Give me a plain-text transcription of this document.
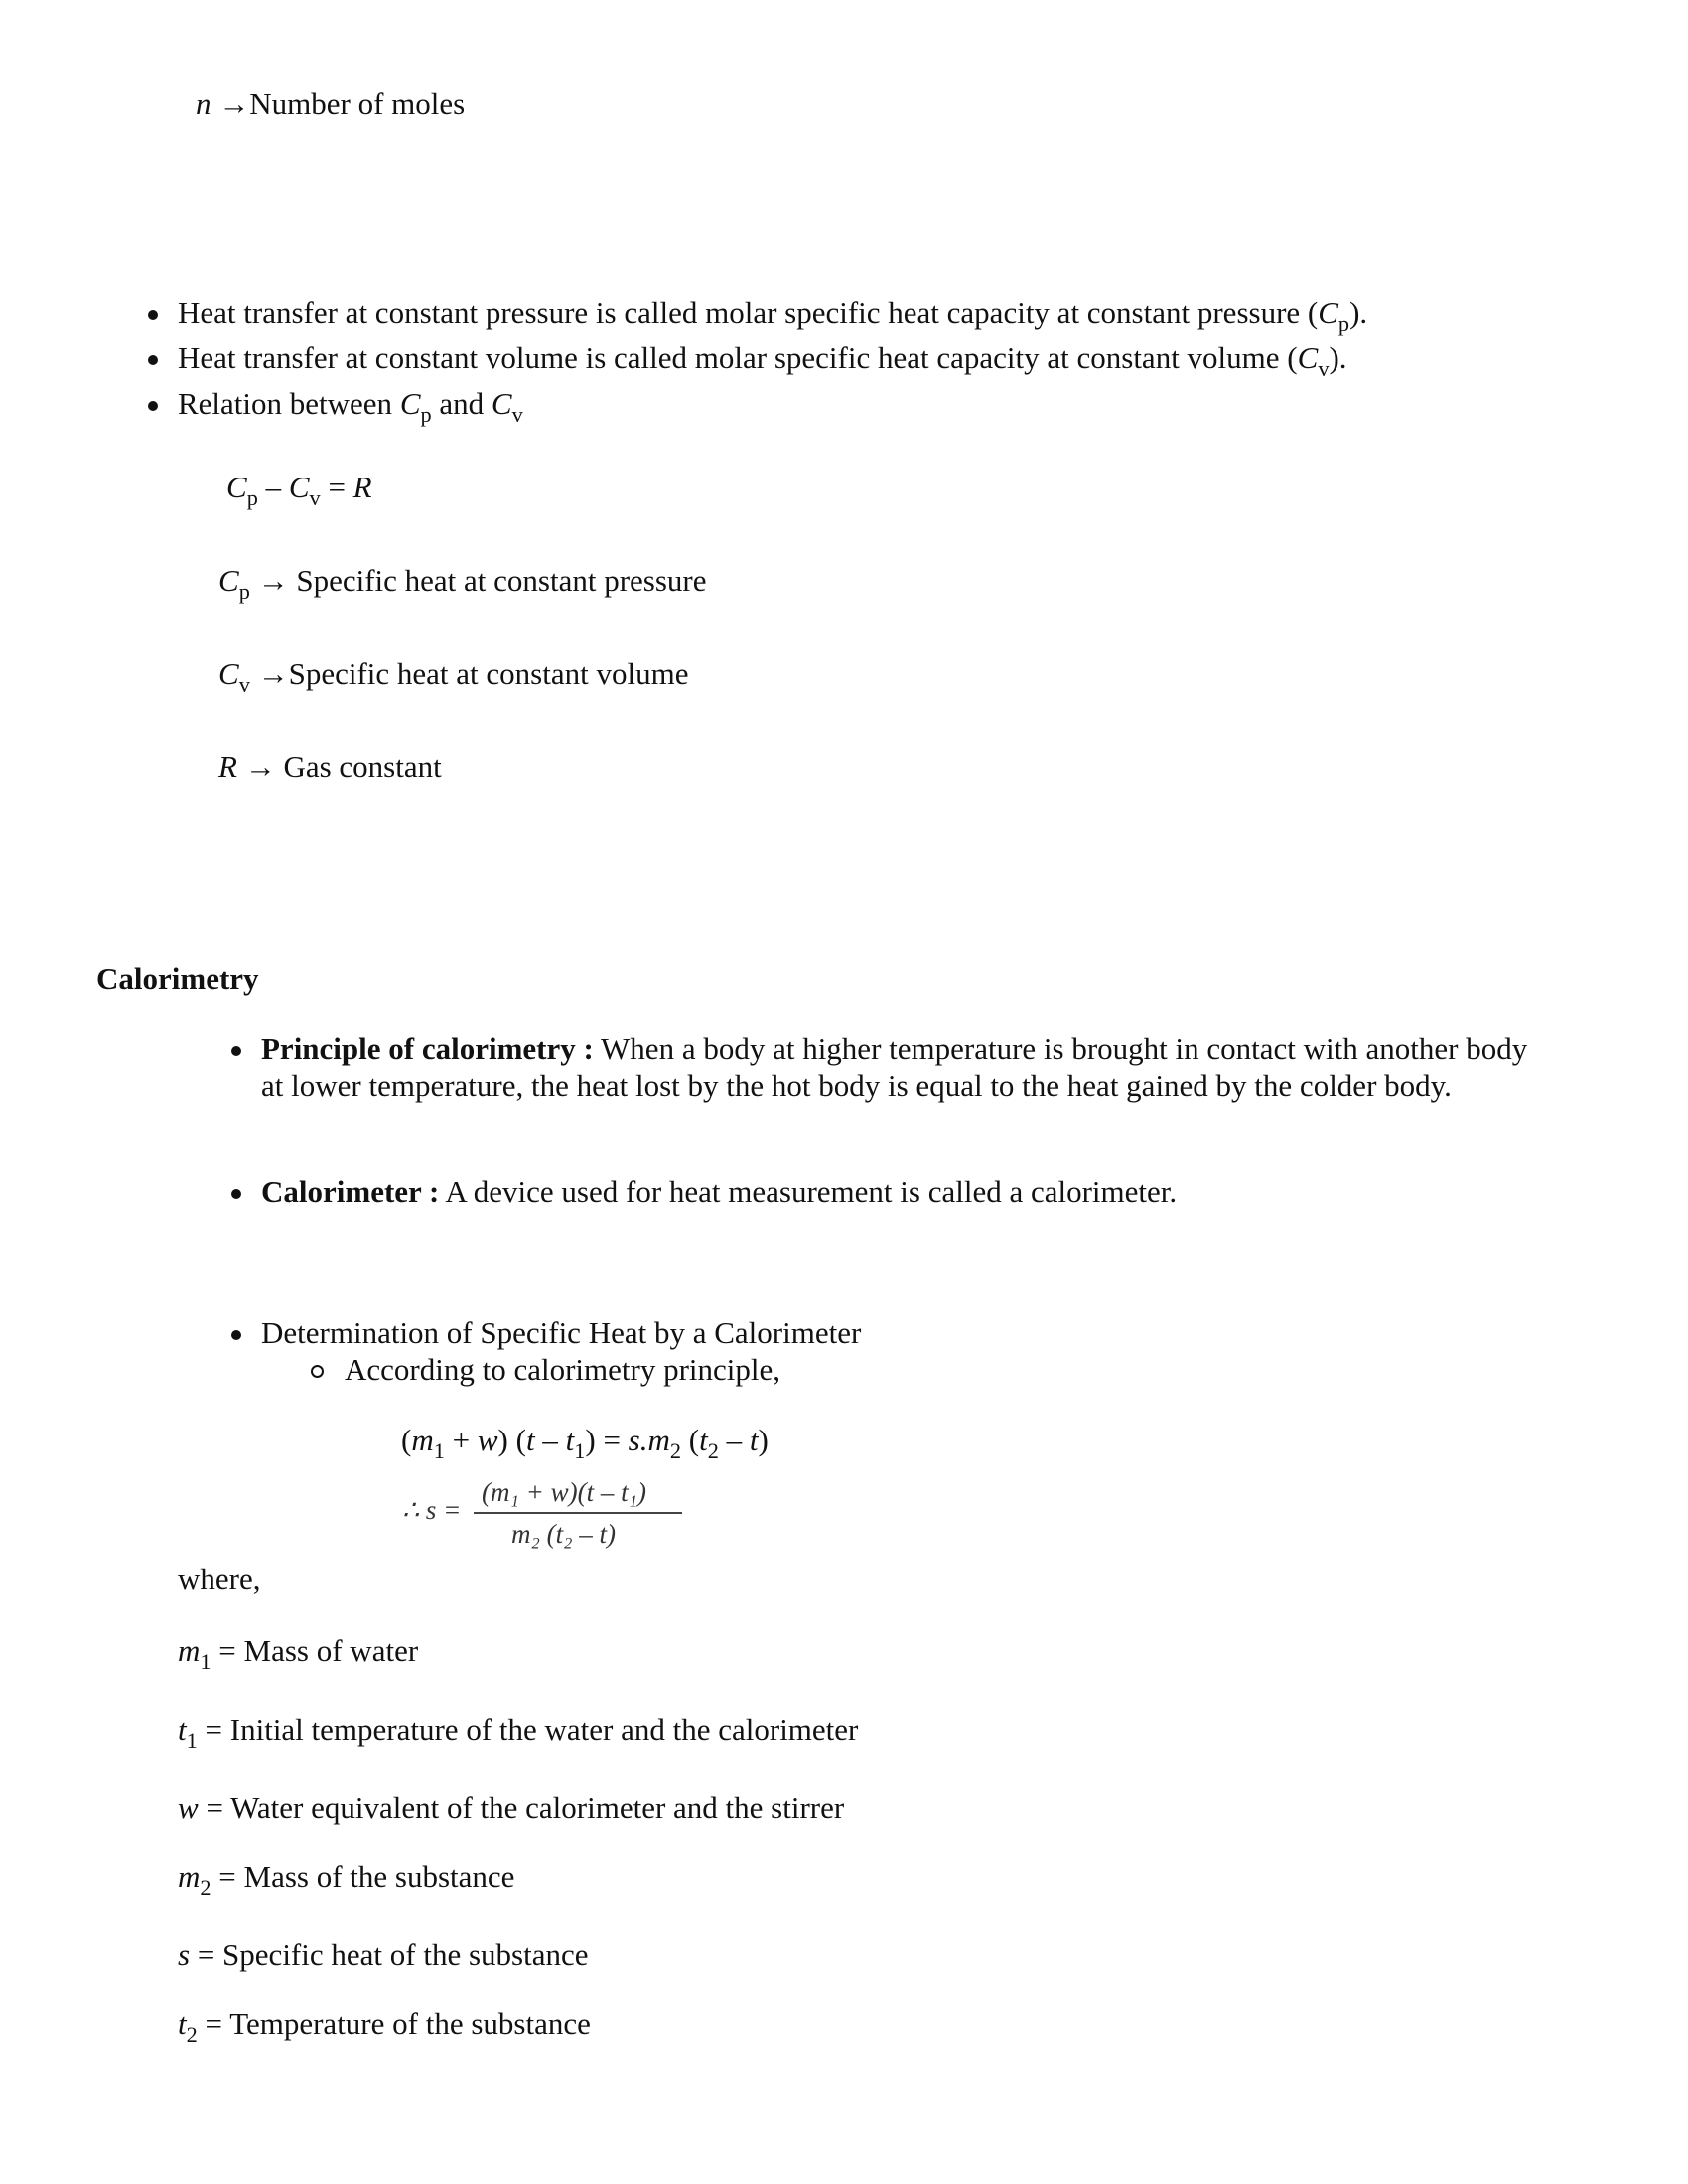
n →Number of moles
Heat transfer at constant pressure is called molar specific heat capacity at constant pressure $(C_p)$.
Heat transfer at constant volume is called molar specific heat capacity at constant volume $(C_v)$.
Relation between $C_p$ and $C_v$
$C_p - C_v = R$
$C_p$ → Specific heat at constant pressure
$C_v$ →Specific heat at constant volume
R → Gas constant
Calorimetry
Principle of calorimetry : When a body at higher temperature is brought in contact with another body at lower temperature, the heat lost by the hot body is equal to the heat gained by the colder body.
Calorimeter : A device used for heat measurement is called a calorimeter.
Determination of Specific Heat by a Calorimeter
According to calorimetry principle,
$(m_1 + w)$ $(t - t_1) = s.m_2$ $(t_2 - t)$
∴ s =
(m₁ + w)(t – t₁)
m₂ (t₂ – t)
where,
$m_1$ = Mass of water
$t_1$ = Initial temperature of the water and the calorimeter
w = Water equivalent of the calorimeter and the stirrer
$m_2$ = Mass of the substance
s = Specific heat of the substance
$t_2$ = Temperature of the substance
